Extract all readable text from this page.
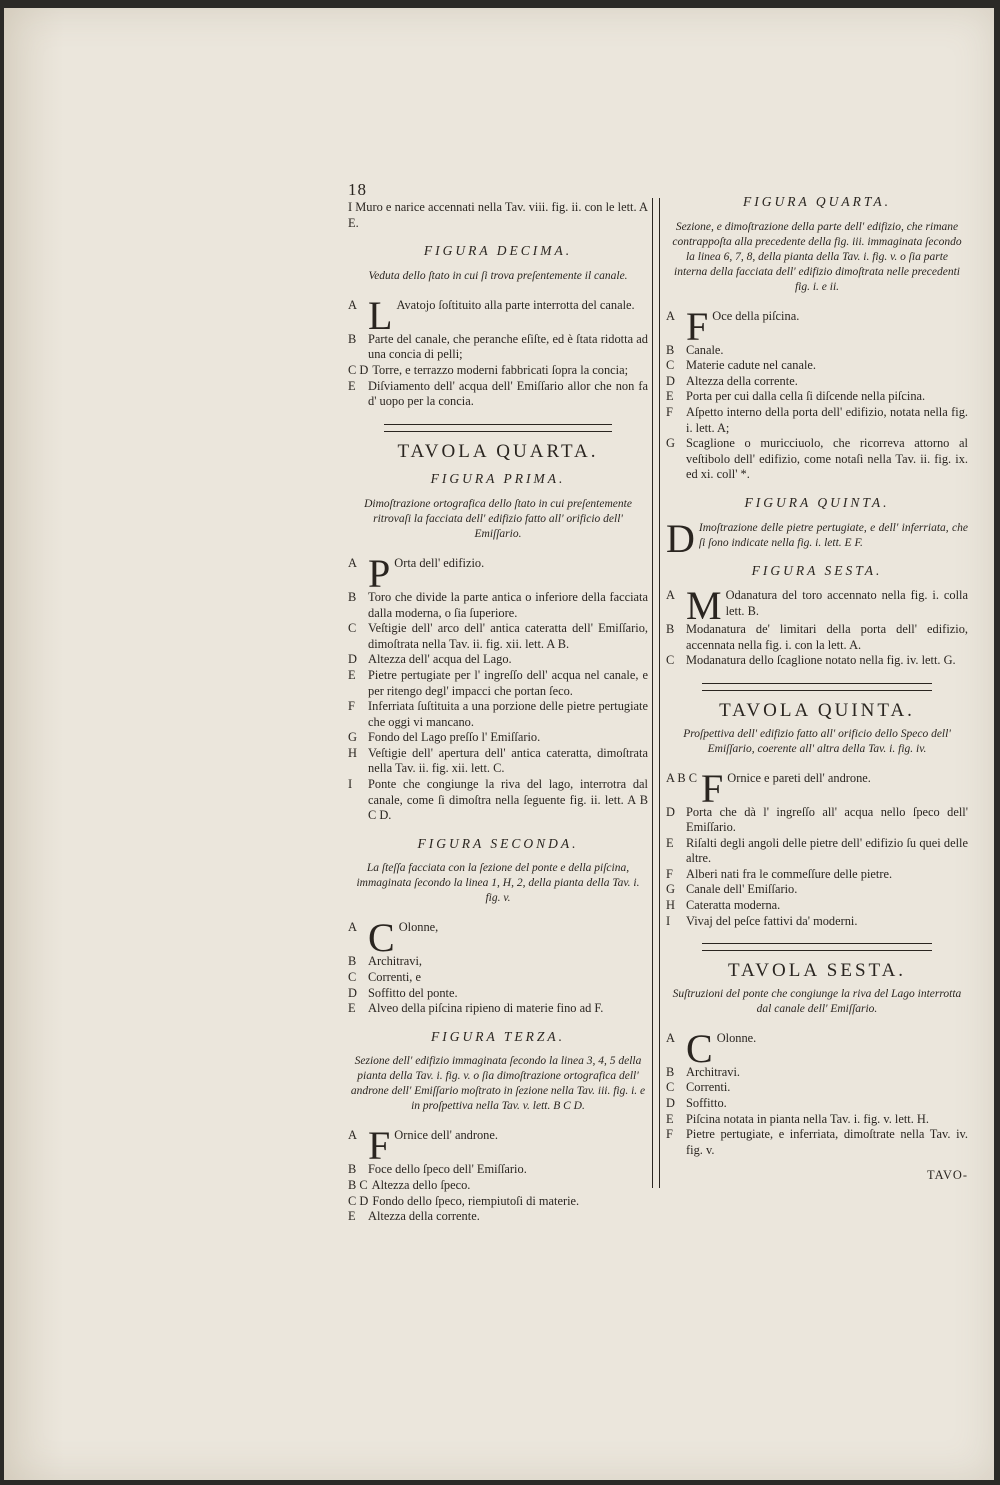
18
I Muro e narice accennati nella Tav. viii. fig. ii. con le lett. A E.
FIGURA DECIMA.
Veduta dello ſtato in cui ſi trova preſentemente il canale.
A L Avatojo ſoſtituito alla parte interrotta del canale.
B Parte del canale, che peranche eſiſte, ed è ſtata ridotta ad una concia di pelli;
C D Torre, e terrazzo moderni fabbricati ſopra la concia;
E	Diſviamento dell' acqua dell' Emiſſario allor che non fa d' uopo per la concia.
TAVOLA QUARTA.
FIGURA PRIMA.
Dimoſtrazione ortografica dello ſtato in cui preſentemente ritrovaſi la facciata dell' edifizio fatto all' orificio dell' Emiſſario.
A P Orta dell' edifizio.
B Toro che divide la parte antica o inferiore della facciata dalla moderna, o ſia ſuperiore.
C Veſtigie dell' arco dell' antica cateratta dell' Emiſſario, dimoſtrata nella Tav. ii. fig. xii. lett. A B.
D Altezza dell' acqua del Lago.
E	Pietre pertugiate per l' ingreſſo dell' acqua nel canale, e per ritengo degl' impacci che portan ſeco.
F	Inferriata ſuſtituita a una porzione delle pietre pertugiate che oggi vi mancano.
G Fondo del Lago preſſo l' Emiſſario.
H Veſtigie dell' apertura dell' antica cateratta, dimoſtrata nella Tav. ii. fig. xii. lett. C.
I	Ponte che congiunge la riva del lago, interrotra dal canale, come ſi dimoſtra nella ſeguente fig. ii. lett. A B C D.
FIGURA SECONDA.
La ſteſſa facciata con la ſezione del ponte e della piſcina, immaginata ſecondo la linea 1, H, 2, della pianta della Tav. i. fig. v.
A C Olonne,
B Architravi,
C Correnti, e
D Soffitto del ponte.
E	Alveo della piſcina ripieno di materie fino ad F.
FIGURA TERZA.
Sezione dell' edifizio immaginata ſecondo la linea 3, 4, 5 della pianta della Tav. i. fig. v. o ſia dimoſtrazione ortografica dell' androne dell' Emiſſario moſtrato in ſezione nella Tav. iii. fig. i. e in proſpettiva nella Tav. v. lett. B C D.
A F Ornice dell' androne.
B Foce dello ſpeco dell' Emiſſario.
B C Altezza dello ſpeco.
C D Fondo dello ſpeco, riempiutoſi di materie.
E	Altezza della corrente.
FIGURA QUARTA.
Sezione, e dimoſtrazione della parte dell' edifizio, che rimane contrappoſta alla precedente della fig. iii. immaginata ſecondo la linea 6, 7, 8, della pianta della Tav. i. fig. v. o ſia parte interna della facciata dell' edifizio dimoſtrata nelle precedenti fig. i. e ii.
A F Oce della piſcina.
B Canale.
C Materie cadute nel canale.
D Altezza della corrente.
E	Porta per cui dalla cella ſi diſcende nella piſcina.
F	Aſpetto interno della porta dell' edifizio, notata nella fig. i. lett. A;
G Scaglione o muricciuolo, che ricorreva attorno al veſtibolo dell' edifizio, come notaſi nella Tav. ii. fig. ix. ed xi. coll' *.
FIGURA QUINTA.
D Imoſtrazione delle pietre pertugiate, e dell' inferriata, che ſi ſono indicate nella fig. i. lett. E F.
FIGURA SESTA.
A M Odanatura del toro accennato nella fig. i. colla lett. B.
B Modanatura de' limitari della porta dell' edifizio, accennata nella fig. i. con la lett. A.
C Modanatura dello ſcaglione notato nella fig. iv. lett. G.
TAVOLA QUINTA.
Proſpettiva dell' edifizio fatto all' orificio dello Speco dell' Emiſſario, coerente all' altra della Tav. i. fig. iv.
A B C F Ornice e pareti dell' androne.
D Porta che dà l' ingreſſo all' acqua nello ſpeco dell' Emiſſario.
E	Riſalti degli angoli delle pietre dell' edifizio ſu quei delle altre.
F	Alberi nati fra le commeſſure delle pietre.
G Canale dell' Emiſſario.
H Cateratta moderna.
I	Vivaj del peſce fattivi da' moderni.
TAVOLA SESTA.
Suſtruzioni del ponte che congiunge la riva del Lago interrotta dal canale dell' Emiſſario.
A C Olonne.
B Architravi.
C Correnti.
D Soffitto.
E	Piſcina notata in pianta nella Tav. i. fig. v. lett. H.
F	Pietre pertugiate, e inferriata, dimoſtrate nella Tav. iv. fig. v.
TAVO-
